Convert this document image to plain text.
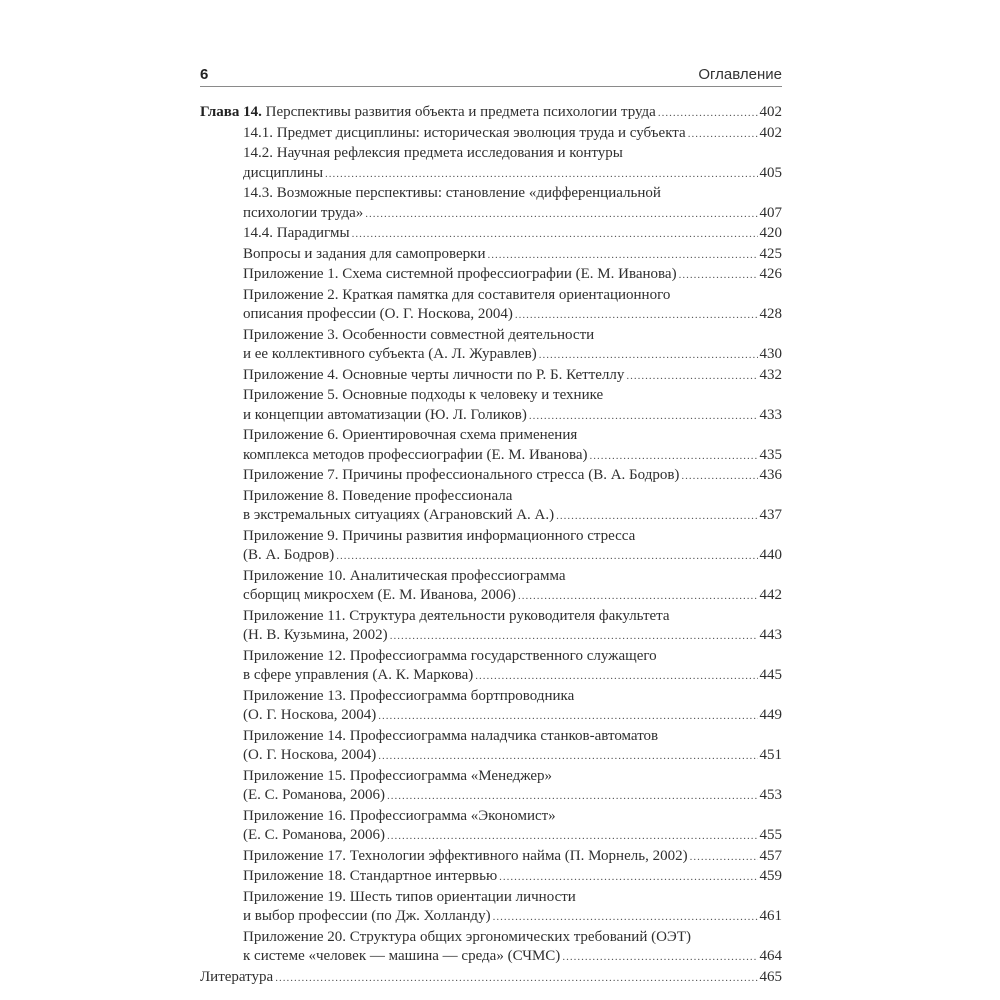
6	Оглавление
Глава 14. Перспективы развития объекта и предмета психологии труда .....	402
14.1. Предмет дисциплины: историческая эволюция труда и субъекта .....	402
14.2. Научная рефлексия предмета исследования и контуры
дисциплины .....	405
14.3. Возможные перспективы: становление «дифференциальной
психологии труда» .....	407
14.4. Парадигмы .....	420
Вопросы и задания для самопроверки .....	425
Приложение 1. Схема системной профессиографии (Е. М. Иванова) .....	426
Приложение 2. Краткая памятка для составителя ориентационного
описания профессии (О. Г. Носкова, 2004) .....	428
Приложение 3. Особенности совместной деятельности
и ее коллективного субъекта (А. Л. Журавлев) .....	430
Приложение 4. Основные черты личности по Р. Б. Кеттеллу .....	432
Приложение 5. Основные подходы к человеку и технике
и концепции автоматизации (Ю. Л. Голиков) .....	433
Приложение 6. Ориентировочная схема применения
комплекса методов профессиографии (Е. М. Иванова) .....	435
Приложение 7. Причины профессионального стресса (В. А. Бодров) .....	436
Приложение 8. Поведение профессионала
в экстремальных ситуациях (Аграновский А. А.) .....	437
Приложение 9. Причины развития информационного стресса
(В. А. Бодров) .....	440
Приложение 10. Аналитическая профессиограмма
сборщиц микросхем (Е. М. Иванова, 2006) .....	442
Приложение 11. Структура деятельности руководителя факультета
(Н. В. Кузьмина, 2002) .....	443
Приложение 12. Профессиограмма государственного служащего
в сфере управления (А. К. Маркова) .....	445
Приложение 13. Профессиограмма бортпроводника
(О. Г. Носкова, 2004) .....	449
Приложение 14. Профессиограмма наладчика станков-автоматов
(О. Г. Носкова, 2004) .....	451
Приложение 15. Профессиограмма «Менеджер»
(Е. С. Романова, 2006) .....	453
Приложение 16. Профессиограмма «Экономист»
(Е. С. Романова, 2006) .....	455
Приложение 17. Технологии эффективного найма (П. Морнель, 2002) .....	457
Приложение 18. Стандартное интервью .....	459
Приложение 19. Шесть типов ориентации личности
и выбор профессии (по Дж. Холланду) .....	461
Приложение 20. Структура общих эргономических требований (ОЭТ)
к системе «человек — машина — среда» (СЧМС) .....	464
Литература .....	465
